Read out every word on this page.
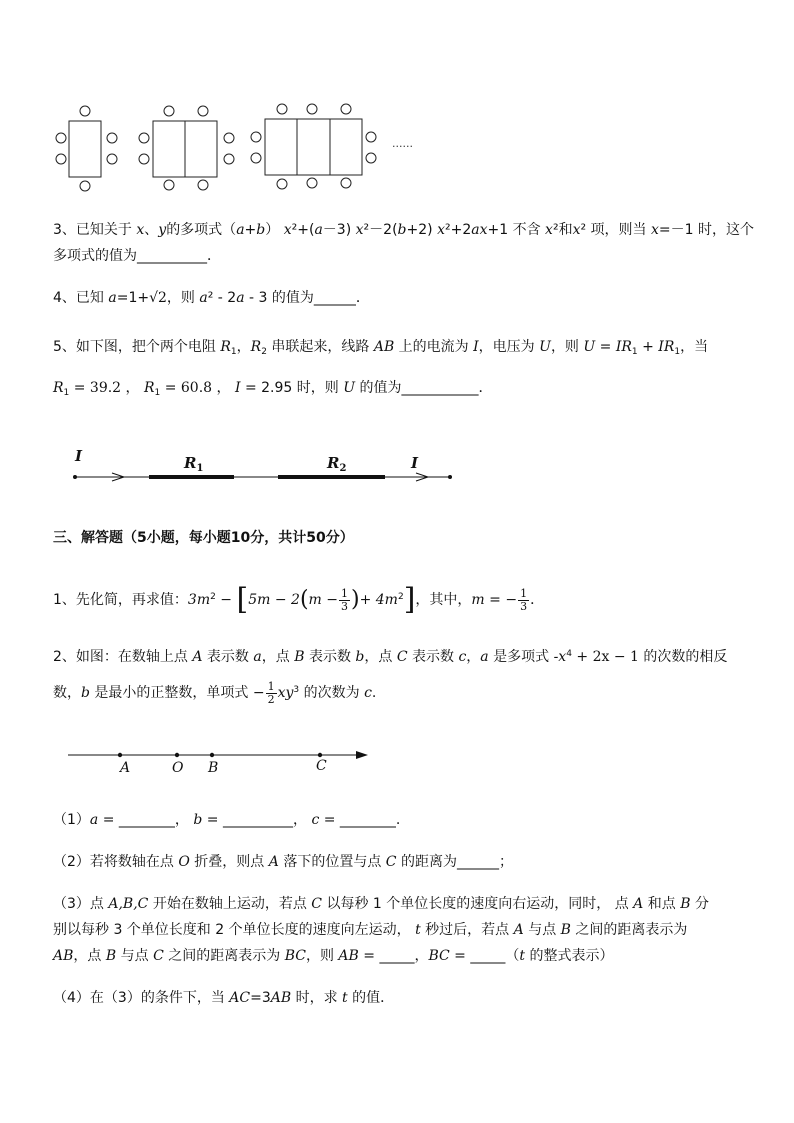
······
3、已知关于 x、y的多项式（a+b） x²+(a－3) x²－2(b+2) x²+2ax+1 不含 x²和x² 项，则当 x=－1 时，这个
多项式的值为__________．
4、已知 a=1+√2，则 a² - 2a - 3 的值为______．
5、如下图，把个两个电阻 $R_1$，$R_2$ 串联起来，线路 AB 上的电流为 I，电压为 U，则 $U = IR_1 + IR_1$，当
$R_1 = 39.2$ ， $R_1 = 60.8$ ， I = 2.95 时，则 U 的值为___________．
I	$R_1$	$R_2$	I
三、解答题（5小题，每小题10分，共计50分）
1、先化简，再求值：$3m^2 - [5m - 2(m - \frac{1}{3}$ )+ $4m^2$]，其中，m = − $\frac{1}{3}$ ．
2、如图：在数轴上点 A 表示数 a，点 B 表示数 b，点 C 表示数 c，a 是多项式 $-x^4 + 2x - 1$ 的次数的相反
数，b 是最小的正整数，单项式 − $\frac{1}{2} xy^3$ 的次数为 c.
A	O B	C
（1）a = ________， b = __________， c = ________.
（2）若将数轴在点 O 折叠，则点 A 落下的位置与点 C 的距离为______；
（3）点 A,B,C 开始在数轴上运动，若点 C 以每秒 1 个单位长度的速度向右运动，同时， 点 A 和点 B 分
别以每秒 3 个单位长度和 2 个单位长度的速度向左运动， t 秒过后，若点 A 与点 B 之间的距离表示为
AB，点 B 与点 C 之间的距离表示为 BC，则 AB = _____，BC = _____（t 的整式表示）
（4）在（3）的条件下，当 AC=3AB 时，求 t 的值．
